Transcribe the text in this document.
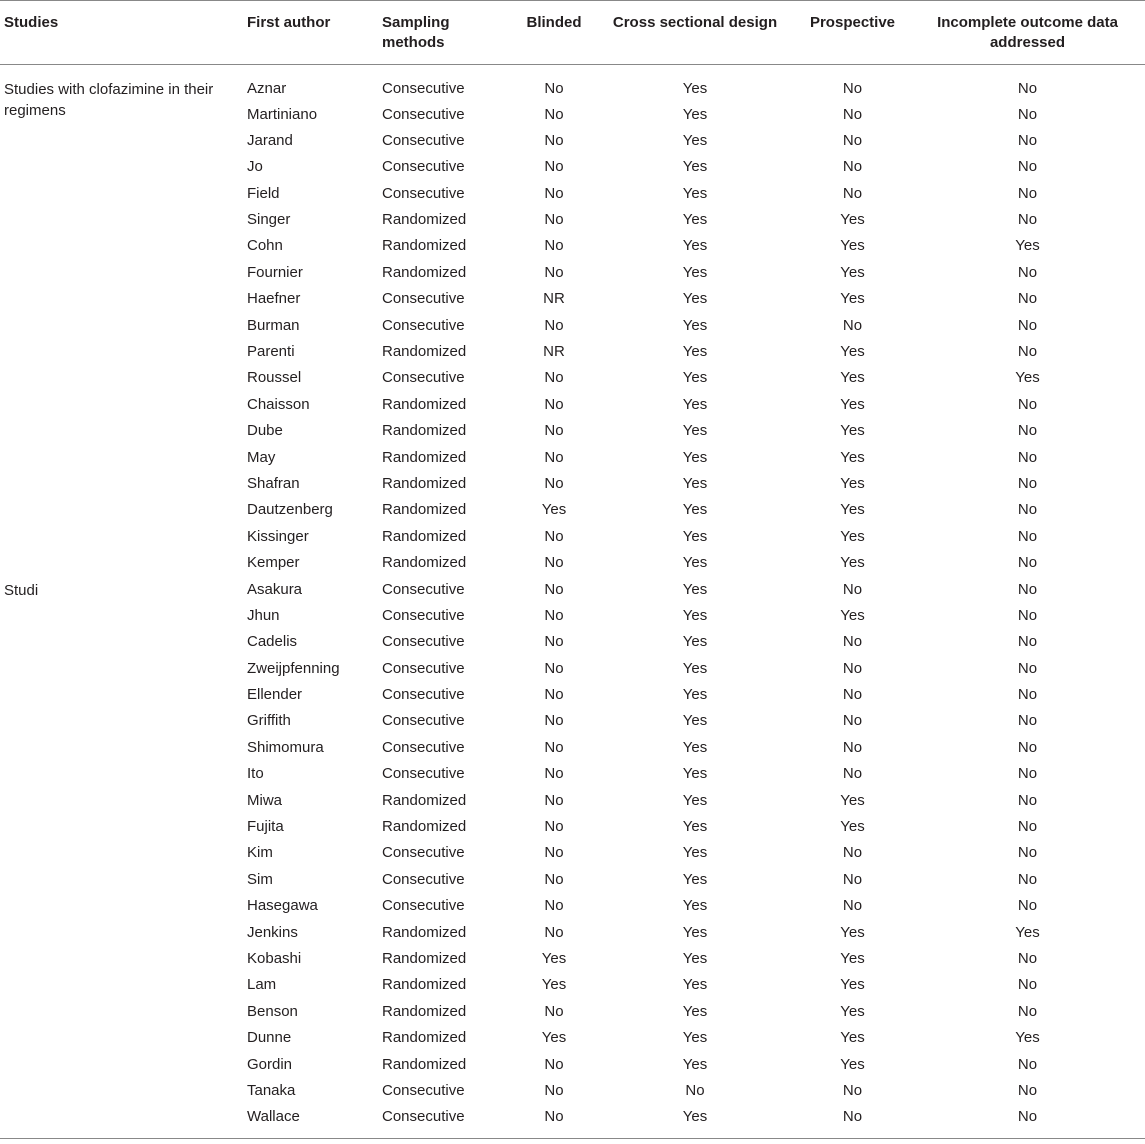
Studies	First author	Sampling methods	Blinded	Cross sectional design	Prospective	Incomplete outcome data addressed
Studies with clofazimine in their regimens	Aznar	Consecutive	No	Yes	No	No
	Martiniano	Consecutive	No	Yes	No	No
	Jarand	Consecutive	No	Yes	No	No
	Jo	Consecutive	No	Yes	No	No
	Field	Consecutive	No	Yes	No	No
	Singer	Randomized	No	Yes	Yes	No
	Cohn	Randomized	No	Yes	Yes	Yes
	Fournier	Randomized	No	Yes	Yes	No
	Haefner	Consecutive	NR	Yes	Yes	No
	Burman	Consecutive	No	Yes	No	No
	Parenti	Randomized	NR	Yes	Yes	No
	Roussel	Consecutive	No	Yes	Yes	Yes
	Chaisson	Randomized	No	Yes	Yes	No
	Dube	Randomized	No	Yes	Yes	No
	May	Randomized	No	Yes	Yes	No
	Shafran	Randomized	No	Yes	Yes	No
	Dautzenberg	Randomized	Yes	Yes	Yes	No
	Kissinger	Randomized	No	Yes	Yes	No
	Kemper	Randomized	No	Yes	Yes	No
Studi	Asakura	Consecutive	No	Yes	No	No
	Jhun	Consecutive	No	Yes	Yes	No
	Cadelis	Consecutive	No	Yes	No	No
	Zweijpfenning	Consecutive	No	Yes	No	No
	Ellender	Consecutive	No	Yes	No	No
	Griffith	Consecutive	No	Yes	No	No
	Shimomura	Consecutive	No	Yes	No	No
	Ito	Consecutive	No	Yes	No	No
	Miwa	Randomized	No	Yes	Yes	No
	Fujita	Randomized	No	Yes	Yes	No
	Kim	Consecutive	No	Yes	No	No
	Sim	Consecutive	No	Yes	No	No
	Hasegawa	Consecutive	No	Yes	No	No
	Jenkins	Randomized	No	Yes	Yes	Yes
	Kobashi	Randomized	Yes	Yes	Yes	No
	Lam	Randomized	Yes	Yes	Yes	No
	Benson	Randomized	No	Yes	Yes	No
	Dunne	Randomized	Yes	Yes	Yes	Yes
	Gordin	Randomized	No	Yes	Yes	No
	Tanaka	Consecutive	No	No	No	No
	Wallace	Consecutive	No	Yes	No	No
